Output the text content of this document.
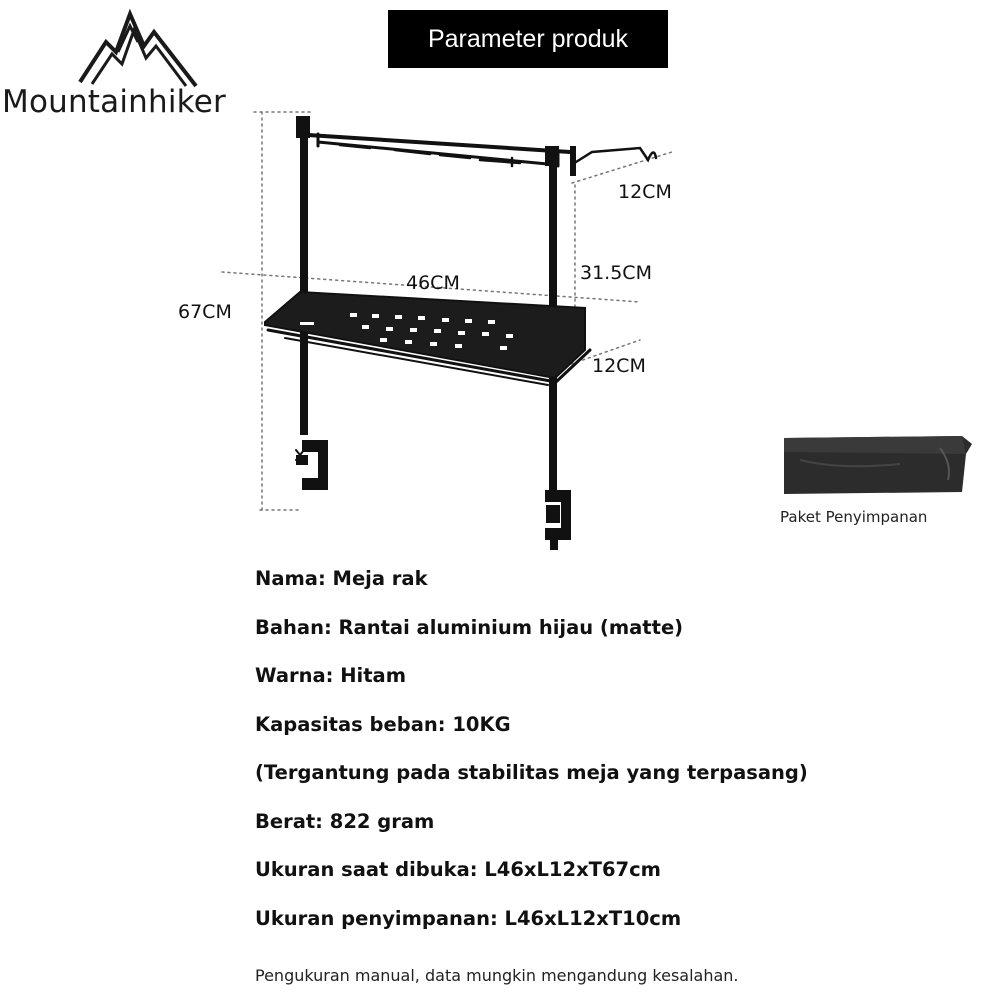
Mountainhiker
Parameter produk
12CM
31.5CM
46CM
67CM
12CM
Paket Penyimpanan
Nama: Meja rak
Bahan: Rantai aluminium hijau (matte)
Warna: Hitam
Kapasitas beban: 10KG
(Tergantung pada stabilitas meja yang terpasang)
Berat: 822 gram
Ukuran saat dibuka: L46xL12xT67cm
Ukuran penyimpanan: L46xL12xT10cm
Pengukuran manual, data mungkin mengandung kesalahan.
